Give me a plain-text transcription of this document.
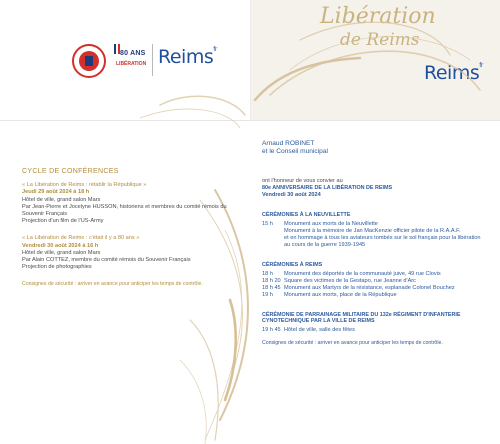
80 ANS
LIBÉRATION Reims$^{fr}$
Libération
de Reims
Reims$^{fr}$
CYCLE DE CONFÉRENCES
« La Libération de Reims : rétablir la République »
Jeudi 29 août 2024 à 18 h
Hôtel de ville, grand salon Mars
Par Jean-Pierre et Jocelyne HUSSON, historiens et membres du comité rémois du Souvenir Français
Projection d'un film de l'US-Army
« La Libération de Reims : c'était il y a 80 ans »
Vendredi 30 août 2024 à 16 h
Hôtel de ville, grand salon Mars
Par Alain COTTEZ, membre du comité rémois du Souvenir Français
Projection de photographies
Consignes de sécurité : arriver en avance pour anticiper les temps de contrôle.
Arnaud ROBINET
et le Conseil municipal
ont l'honneur de vous convier au
80e ANNIVERSAIRE DE LA LIBÉRATION DE REIMS
Vendredi 30 août 2024
CÉRÉMONIES À LA NEUVILLETTE
15 h	Monument aux morts de la Neuvillette
Monument à la mémoire de Jan MacKenzie officier pilote de la R.A.A.F.
et en hommage à tous les aviateurs tombés sur le sol français pour la libération au cours de la guerre 1939-1945
CÉRÉMONIES À REIMS
18 h	Monument des déportés de la communauté juive, 49 rue Clovis
18 h 20 Square des victimes de la Gestapo, rue Jeanne d'Arc
18 h 45 Monument aux Martyrs de la résistance, esplanade Colonel Bouchez
19 h	Monument aux morts, place de la République
CÉRÉMONIE DE PARRAINAGE MILITAIRE DU 132e RÉGIMENT D'INFANTERIE CYNOTECHNIQUE PAR LA VILLE DE REIMS
19 h 45 Hôtel de ville, salle des fêtes
Consignes de sécurité : arriver en avance pour anticiper les temps de contrôle.
